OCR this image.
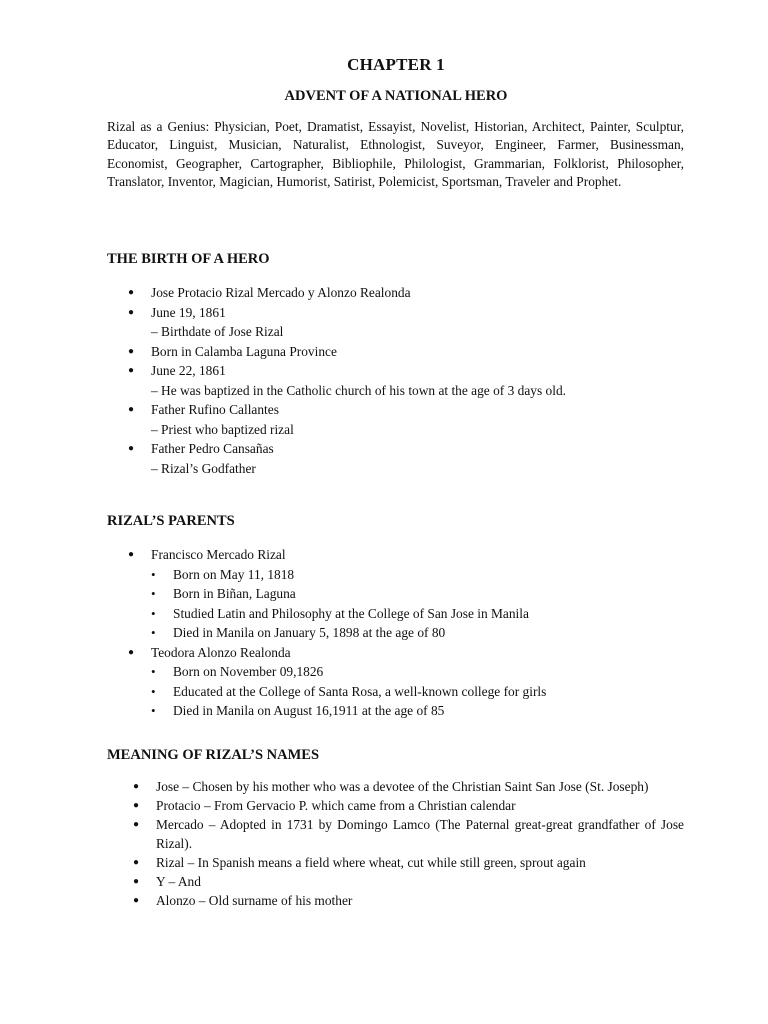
CHAPTER 1
ADVENT OF A NATIONAL HERO
Rizal as a Genius: Physician, Poet, Dramatist, Essayist, Novelist, Historian, Architect, Painter, Sculptur, Educator, Linguist, Musician, Naturalist, Ethnologist, Suveyor, Engineer, Farmer, Businessman, Economist, Geographer, Cartographer, Bibliophile, Philologist, Grammarian, Folklorist, Philosopher, Translator, Inventor, Magician, Humorist, Satirist, Polemicist, Sportsman, Traveler and Prophet.
THE BIRTH OF A HERO
● Jose Protacio Rizal Mercado y Alonzo Realonda
● June 19, 1861
– Birthdate of Jose Rizal
● Born in Calamba Laguna Province
● June 22, 1861
– He was baptized in the Catholic church of his town at the age of 3 days old.
● Father Rufino Callantes
– Priest who baptized rizal
● Father Pedro Cansañas
– Rizal’s Godfather
RIZAL’S PARENTS
● Francisco Mercado Rizal
• Born on May 11, 1818
• Born in Biñan, Laguna
• Studied Latin and Philosophy at the College of San Jose in Manila
• Died in Manila on January 5, 1898 at the age of 80
● Teodora Alonzo Realonda
• Born on November 09,1826
• Educated at the College of Santa Rosa, a well-known college for girls
• Died in Manila on August 16,1911 at the age of 85
MEANING OF RIZAL’S NAMES
● Jose – Chosen by his mother who was a devotee of the Christian Saint San Jose (St. Joseph)
● Protacio – From Gervacio P. which came from a Christian calendar
● Mercado – Adopted in 1731 by Domingo Lamco (The Paternal great-great grandfather of Jose Rizal).
● Rizal – In Spanish means a field where wheat, cut while still green, sprout again
● Y – And
● Alonzo – Old surname of his mother
